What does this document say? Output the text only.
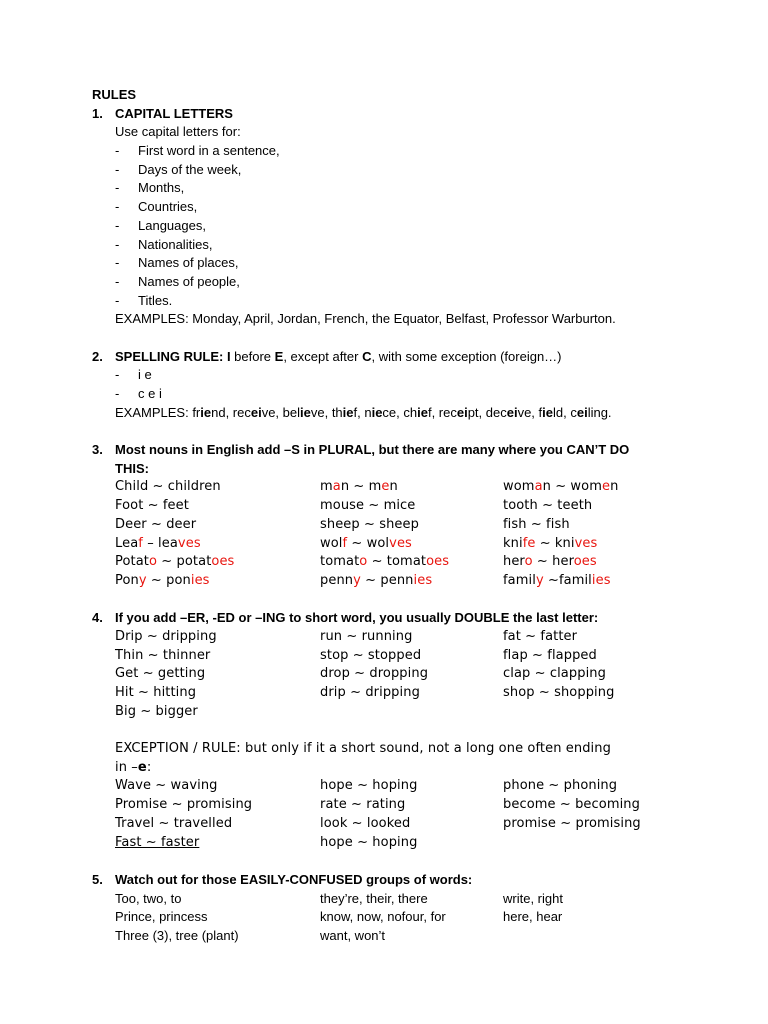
RULES
1. CAPITAL LETTERS
Use capital letters for:
- First word in a sentence,
- Days of the week,
- Months,
- Countries,
- Languages,
- Nationalities,
- Names of places,
- Names of people,
- Titles.
EXAMPLES: Monday, April, Jordan, French, the Equator, Belfast, Professor Warburton.
2. SPELLING RULE: I before E, except after C, with some exception (foreign…)
- i e
- c e i
EXAMPLES: friend, receive, believe, thief, niece, chief, receipt, deceive, field, ceiling.
3. Most nouns in English add –S in PLURAL, but there are many where you CAN’T DO
THIS:
Child ~ children	man ~ men	woman ~ women
Foot ~ feet	mouse ~ mice	tooth ~ teeth
Deer ~ deer	sheep ~ sheep	fish ~ fish
Leaf – leaves	wolf ~ wolves	knife ~ knives
Potato ~ potatoes	tomato ~ tomatoes	hero ~ heroes
Pony ~ ponies	penny ~ pennies	family ~families
4. If you add –ER, -ED or –ING to short word, you usually DOUBLE the last letter:
Drip ~ dripping	run ~ running	fat ~ fatter
Thin ~ thinner	stop ~ stopped	flap ~ flapped
Get ~ getting	drop ~ dropping	clap ~ clapping
Hit ~ hitting	drip ~ dripping	shop ~ shopping
Big ~ bigger
EXCEPTION / RULE: but only if it a short sound, not a long one often ending
in –e:
Wave ~ waving	hope ~ hoping	phone ~ phoning
Promise ~ promising	rate ~ rating	become ~ becoming
Travel ~ travelled	look ~ looked	promise ~ promising
Fast ~ faster	hope ~ hoping
5. Watch out for those EASILY-CONFUSED groups of words:
Too, two, to	they’re, their, there	write, right
Prince, princess	know, now, nofour, for	here, hear
Three (3), tree (plant)	want, won’t
